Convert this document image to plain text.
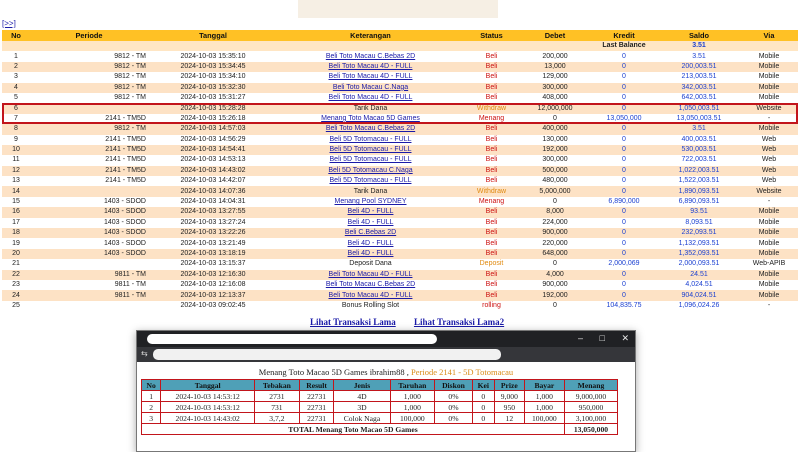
[>>]
No	Periode	Tanggal	Keterangan	Status	Debet	Kredit	Saldo	Via
						Last Balance	3.51	
1	9812 - TM	2024-10-03 15:35:10	Beli Toto Macau C.Bebas 2D	Beli	200,000	0	3.51	Mobile
2	9812 - TM	2024-10-03 15:34:45	Beli Toto Macau 4D - FULL	Beli	13,000	0	200,003.51	Mobile
3	9812 - TM	2024-10-03 15:34:10	Beli Toto Macau 4D - FULL	Beli	129,000	0	213,003.51	Mobile
4	9812 - TM	2024-10-03 15:32:30	Beli Toto Macau C.Naga	Beli	300,000	0	342,003.51	Mobile
5	9812 - TM	2024-10-03 15:31:27	Beli Toto Macau 4D - FULL	Beli	408,000	0	642,003.51	Mobile
6		2024-10-03 15:28:28	Tarik Dana	Withdraw	12,000,000	0	1,050,003.51	Website
7	2141 - TM5D	2024-10-03 15:26:18	Menang Toto Macao 5D Games	Menang	0	13,050,000	13,050,003.51	-
8	9812 - TM	2024-10-03 14:57:03	Beli Toto Macau C.Bebas 2D	Beli	400,000	0	3.51	Mobile
9	2141 - TM5D	2024-10-03 14:56:29	Beli 5D Totomacau - FULL	Beli	130,000	0	400,003.51	Web
10	2141 - TM5D	2024-10-03 14:54:41	Beli 5D Totomacau - FULL	Beli	192,000	0	530,003.51	Web
11	2141 - TM5D	2024-10-03 14:53:13	Beli 5D Totomacau - FULL	Beli	300,000	0	722,003.51	Web
12	2141 - TM5D	2024-10-03 14:43:02	Beli 5D Totomacau C.Naga	Beli	500,000	0	1,022,003.51	Web
13	2141 - TM5D	2024-10-03 14:42:07	Beli 5D Totomacau - FULL	Beli	480,000	0	1,522,003.51	Web
14		2024-10-03 14:07:36	Tarik Dana	Withdraw	5,000,000	0	1,890,093.51	Website
15	1403 - SDOD	2024-10-03 14:04:31	Menang Pool SYDNEY	Menang	0	6,890,000	6,890,093.51	-
16	1403 - SDOD	2024-10-03 13:27:55	Beli 4D - FULL	Beli	8,000	0	93.51	Mobile
17	1403 - SDOD	2024-10-03 13:27:24	Beli 4D - FULL	Beli	224,000	0	8,093.51	Mobile
18	1403 - SDOD	2024-10-03 13:22:26	Beli C.Bebas 2D	Beli	900,000	0	232,093.51	Mobile
19	1403 - SDOD	2024-10-03 13:21:49	Beli 4D - FULL	Beli	220,000	0	1,132,093.51	Mobile
20	1403 - SDOD	2024-10-03 13:18:19	Beli 4D - FULL	Beli	648,000	0	1,352,093.51	Mobile
21		2024-10-03 13:15:37	Deposit Dana	Deposit	0	2,000,069	2,000,093.51	Web-APIB
22	9811 - TM	2024-10-03 12:16:30	Beli Toto Macau 4D - FULL	Beli	4,000	0	24.51	Mobile
23	9811 - TM	2024-10-03 12:16:08	Beli Toto Macau C.Bebas 2D	Beli	900,000	0	4,024.51	Mobile
24	9811 - TM	2024-10-03 12:13:37	Beli Toto Macau 4D - FULL	Beli	192,000	0	904,024.51	Mobile
25		2024-10-03 09:02:45	Bonus Rolling Slot	rolling	0	104,835.75	1,096,024.26	-
Lihat Transaksi Lama Lihat Transaksi Lama2
– □ ✕
⇆
Menang Toto Macao 5D Games ibrahim88 , Periode 2141 - 5D Totomacau
No	Tanggal	Tebakan	Result	Jenis	Taruhan	Diskon	Kei	Prize	Bayar	Menang
1	2024-10-03 14:53:12	2731	22731	4D	1,000	0%	0	9,000	1,000	9,000,000
2	2024-10-03 14:53:12	731	22731	3D	1,000	0%	0	950	1,000	950,000
3	2024-10-03 14:43:02	3,7,2	22731	Colok Naga	100,000	0%	0	12	100,000	3,100,000
TOTAL Menang Toto Macao 5D Games										13,050,000
